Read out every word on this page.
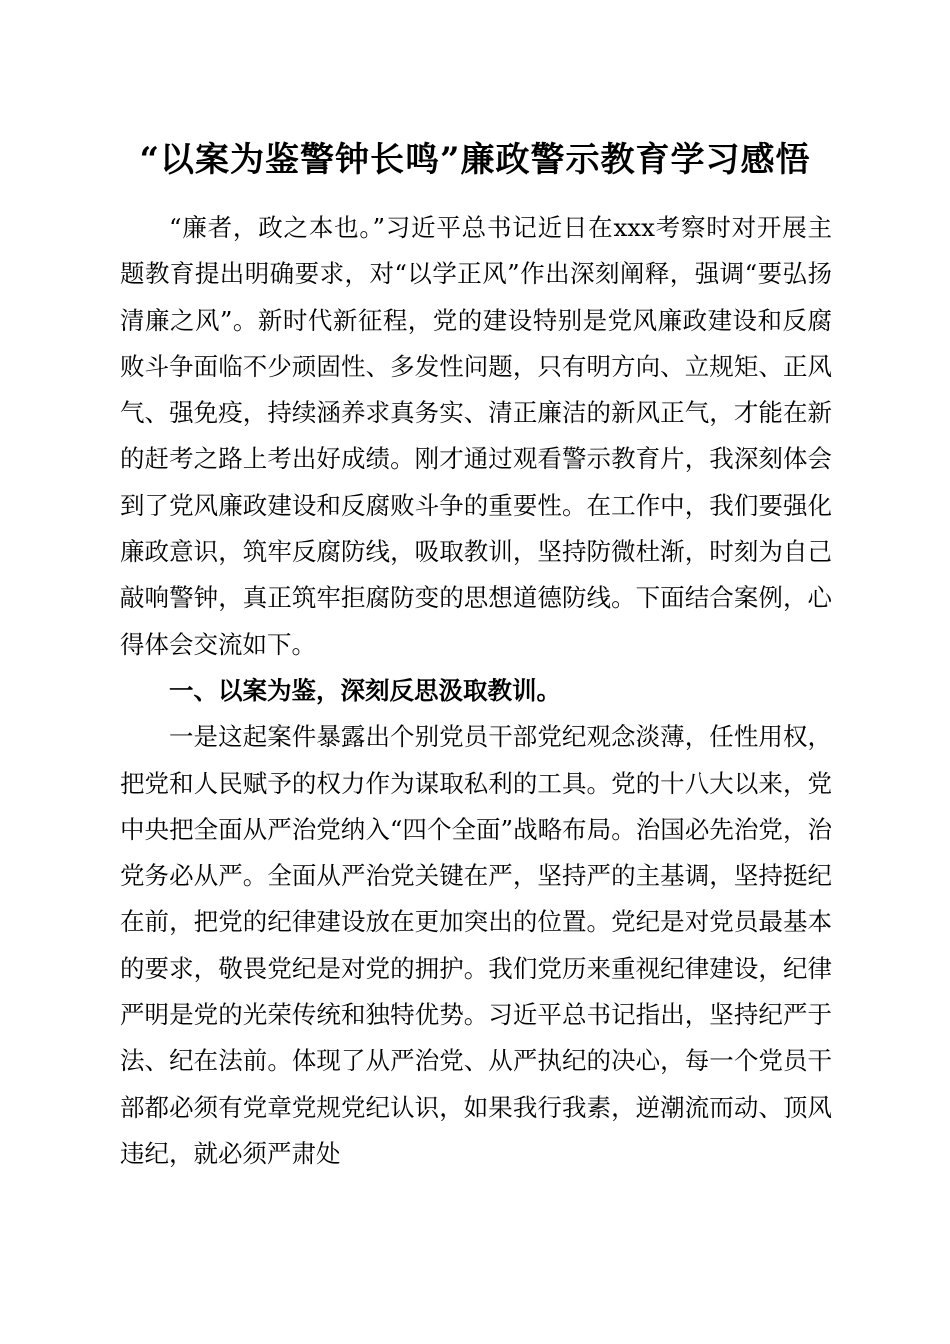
“以案为鉴警钟长鸣”廉政警示教育学习感悟

“廉者，政之本也。”习近平总书记近日在xxx考察时对开展主题教育提出明确要求，对“以学正风”作出深刻阐释，强调“要弘扬清廉之风”。新时代新征程，党的建设特别是党风廉政建设和反腐败斗争面临不少顽固性、多发性问题，只有明方向、立规矩、正风气、强免疫，持续涵养求真务实、清正廉洁的新风正气，才能在新的赶考之路上考出好成绩。刚才通过观看警示教育片，我深刻体会到了党风廉政建设和反腐败斗争的重要性。在工作中，我们要强化廉政意识，筑牢反腐防线，吸取教训，坚持防微杜渐，时刻为自己敲响警钟，真正筑牢拒腐防变的思想道德防线。下面结合案例，心得体会交流如下。

一、以案为鉴，深刻反思汲取教训。

一是这起案件暴露出个别党员干部党纪观念淡薄，任性用权，把党和人民赋予的权力作为谋取私利的工具。党的十八大以来，党中央把全面从严治党纳入“四个全面”战略布局。治国必先治党，治党务必从严。全面从严治党关键在严，坚持严的主基调，坚持挺纪在前，把党的纪律建设放在更加突出的位置。党纪是对党员最基本的要求，敬畏党纪是对党的拥护。我们党历来重视纪律建设，纪律严明是党的光荣传统和独特优势。习近平总书记指出，坚持纪严于法、纪在法前。体现了从严治党、从严执纪的决心，每一个党员干部都必须有党章党规党纪认识，如果我行我素，逆潮流而动、顶风违纪，就必须严肃处
